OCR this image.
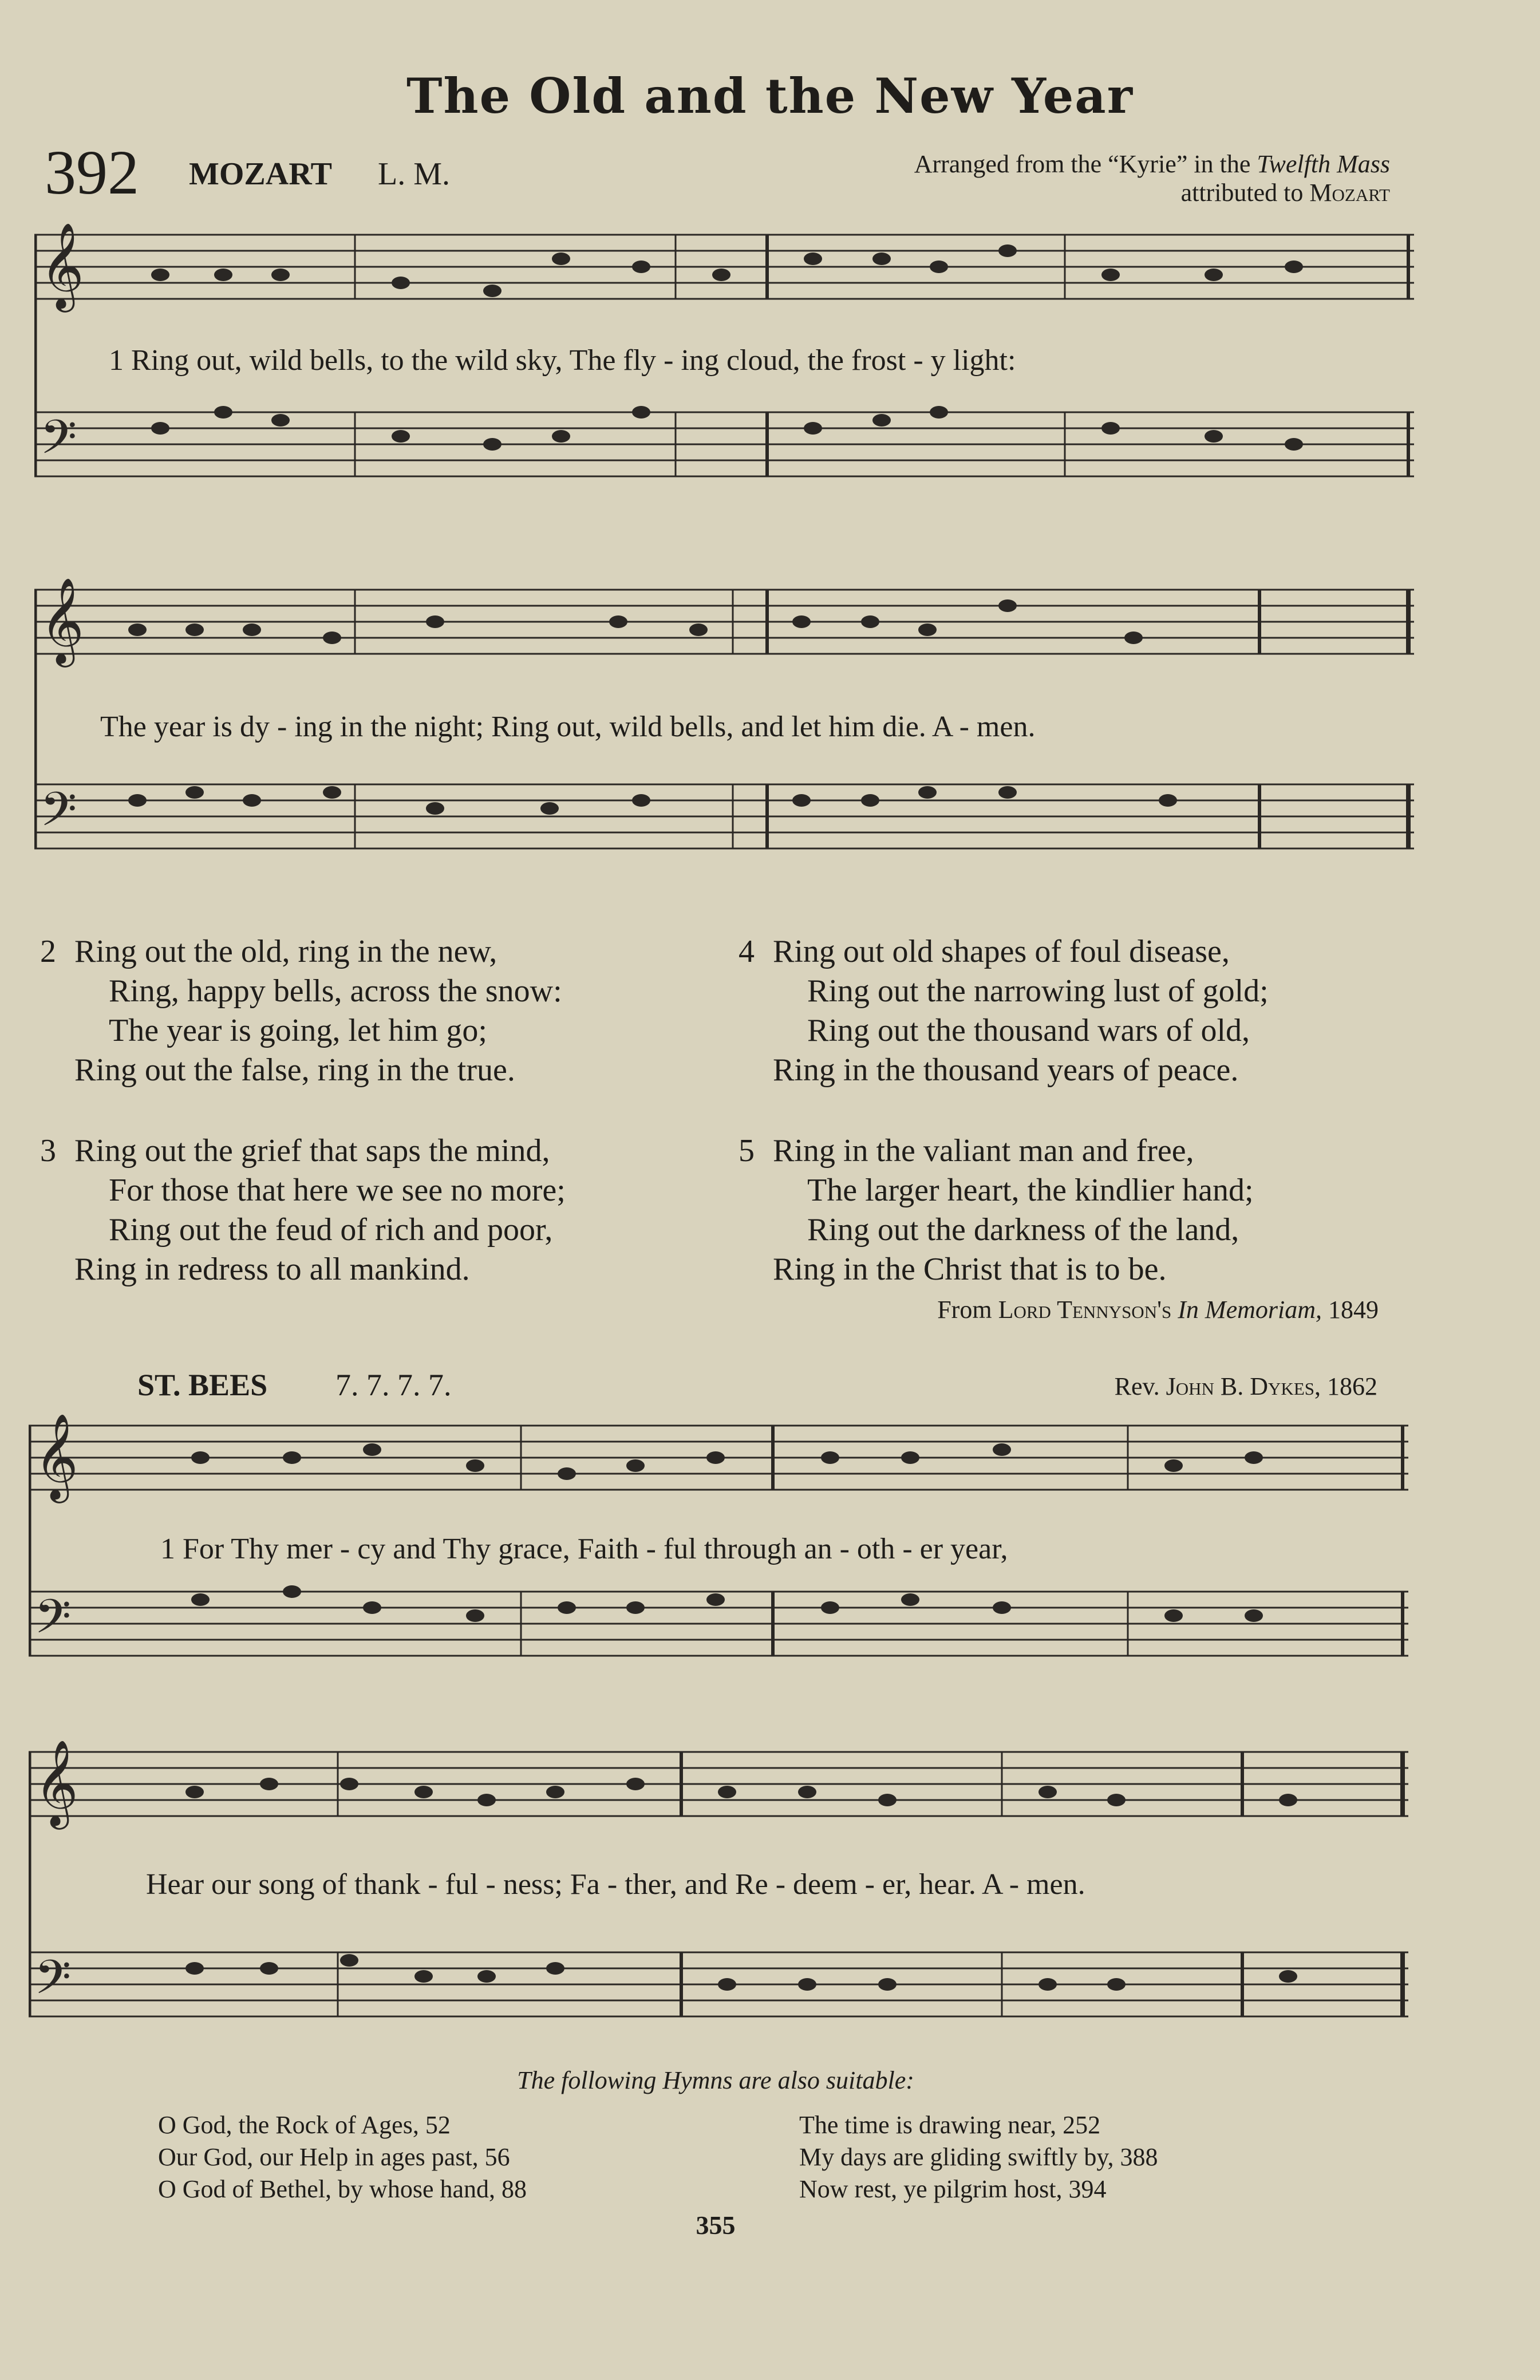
The Old and the New Year
392 MOZART L. M.	Arranged from the “Kyrie” in the Twelfth Mass
attributed to Mozart
𝄞
𝄢
1 Ring out, wild bells, to the wild sky, The fly - ing cloud, the frost - y light:
𝄞
𝄢
The year is dy - ing in the night; Ring out, wild bells, and let him die. A - men.
2 Ring out the old, ring in the new,
Ring, happy bells, across the snow:
The year is going, let him go;
Ring out the false, ring in the true.
3 Ring out the grief that saps the mind,
For those that here we see no more;
Ring out the feud of rich and poor,
Ring in redress to all mankind.
4 Ring out old shapes of foul disease,
Ring out the narrowing lust of gold;
Ring out the thousand wars of old,
Ring in the thousand years of peace.
5 Ring in the valiant man and free,
The larger heart, the kindlier hand;
Ring out the darkness of the land,
Ring in the Christ that is to be.
From Lord Tennyson's In Memoriam, 1849
ST. BEES 7. 7. 7. 7.	Rev. John B. Dykes, 1862
𝄞
𝄢
1 For Thy mer - cy and Thy grace, Faith - ful through an - oth - er year,
𝄞
𝄢
Hear our song of thank - ful - ness; Fa - ther, and Re - deem - er, hear. A - men.
The following Hymns are also suitable:
O God, the Rock of Ages, 52
Our God, our Help in ages past, 56
O God of Bethel, by whose hand, 88
The time is drawing near, 252
My days are gliding swiftly by, 388
Now rest, ye pilgrim host, 394
355
